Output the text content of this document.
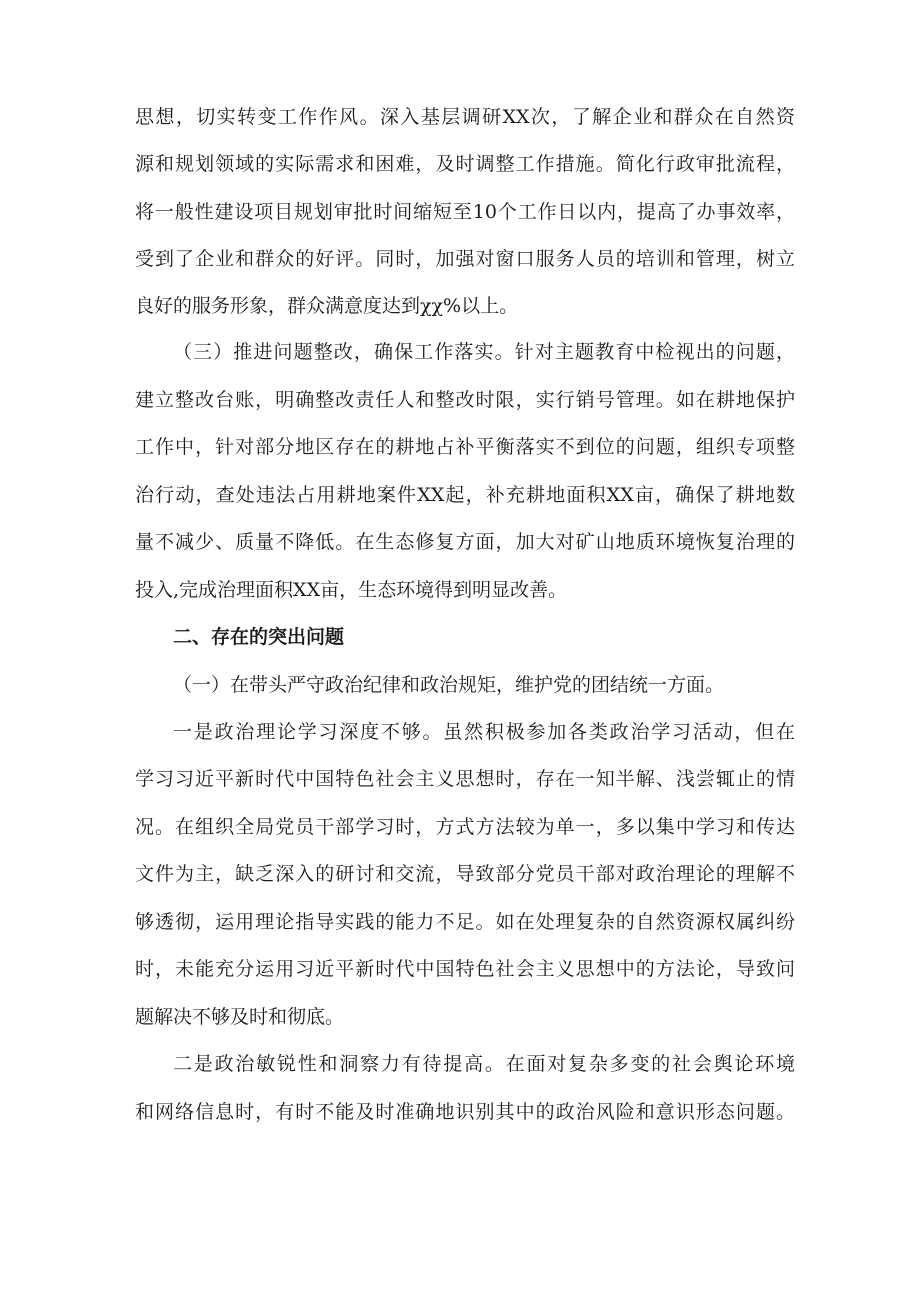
思想，切实转变工作作风。深入基层调研XX次，了解企业和群众在自然资
源和规划领域的实际需求和困难，及时调整工作措施。简化行政审批流程，
将一般性建设项目规划审批时间缩短至10个工作日以内，提高了办事效率，
受到了企业和群众的好评。同时，加强对窗口服务人员的培训和管理，树立
良好的服务形象，群众满意度达到χχ%以上。
（三）推进问题整改，确保工作落实。针对主题教育中检视出的问题，
建立整改台账，明确整改责任人和整改时限，实行销号管理。如在耕地保护
工作中，针对部分地区存在的耕地占补平衡落实不到位的问题，组织专项整
治行动，查处违法占用耕地案件XX起，补充耕地面积XX亩，确保了耕地数
量不减少、质量不降低。在生态修复方面，加大对矿山地质环境恢复治理的
投入,完成治理面积XX亩，生态环境得到明显改善。
二、存在的突出问题
（一）在带头严守政治纪律和政治规矩，维护党的团结统一方面。
一是政治理论学习深度不够。虽然积极参加各类政治学习活动，但在
学习习近平新时代中国特色社会主义思想时，存在一知半解、浅尝辄止的情
况。在组织全局党员干部学习时，方式方法较为单一，多以集中学习和传达
文件为主，缺乏深入的研讨和交流，导致部分党员干部对政治理论的理解不
够透彻，运用理论指导实践的能力不足。如在处理复杂的自然资源权属纠纷
时，未能充分运用习近平新时代中国特色社会主义思想中的方法论，导致问
题解决不够及时和彻底。
二是政治敏锐性和洞察力有待提高。在面对复杂多变的社会舆论环境
和网络信息时，有时不能及时准确地识别其中的政治风险和意识形态问题。
